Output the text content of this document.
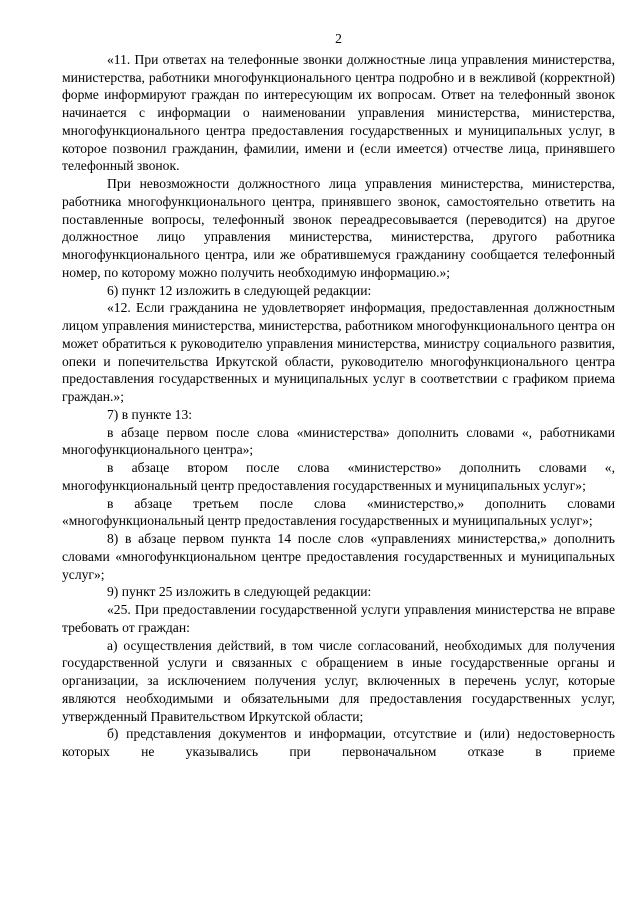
2

«11. При ответах на телефонные звонки должностные лица управления министерства, министерства, работники многофункционального центра подробно и в вежливой (корректной) форме информируют граждан по интересующим их вопросам. Ответ на телефонный звонок начинается с информации о наименовании управления министерства, министерства, многофункционального центра предоставления государственных и муниципальных услуг, в которое позвонил гражданин, фамилии, имени и (если имеется) отчестве лица, принявшего телефонный звонок.

При невозможности должностного лица управления министерства, министерства, работника многофункционального центра, принявшего звонок, самостоятельно ответить на поставленные вопросы, телефонный звонок переадресовывается (переводится) на другое должностное лицо управления министерства, министерства, другого работника многофункционального центра, или же обратившемуся гражданину сообщается телефонный номер, по которому можно получить необходимую информацию.»;

6) пункт 12 изложить в следующей редакции:

«12. Если гражданина не удовлетворяет информация, предоставленная должностным лицом управления министерства, министерства, работником многофункционального центра он может обратиться к руководителю управления министерства, министру социального развития, опеки и попечительства Иркутской области, руководителю многофункционального центра предоставления государственных и муниципальных услуг в соответствии с графиком приема граждан.»;

7) в пункте 13:

в абзаце первом после слова «министерства» дополнить словами «, работниками многофункционального центра»;

в абзаце втором после слова «министерство» дополнить словами «, многофункциональный центр предоставления государственных и муниципальных услуг»;

в абзаце третьем после слова «министерство,» дополнить словами «многофункциональный центр предоставления государственных и муниципальных услуг»;

8) в абзаце первом пункта 14 после слов «управлениях министерства,» дополнить словами «многофункциональном центре предоставления государственных и муниципальных услуг»;

9) пункт 25 изложить в следующей редакции:

«25. При предоставлении государственной услуги управления министерства не вправе требовать от граждан:

а) осуществления действий, в том числе согласований, необходимых для получения государственной услуги и связанных с обращением в иные государственные органы и организации, за исключением получения услуг, включенных в перечень услуг, которые являются необходимыми и обязательными для предоставления государственных услуг, утвержденный Правительством Иркутской области;

б) представления документов и информации, отсутствие и (или) недостоверность которых не указывались при первоначальном отказе в приеме
